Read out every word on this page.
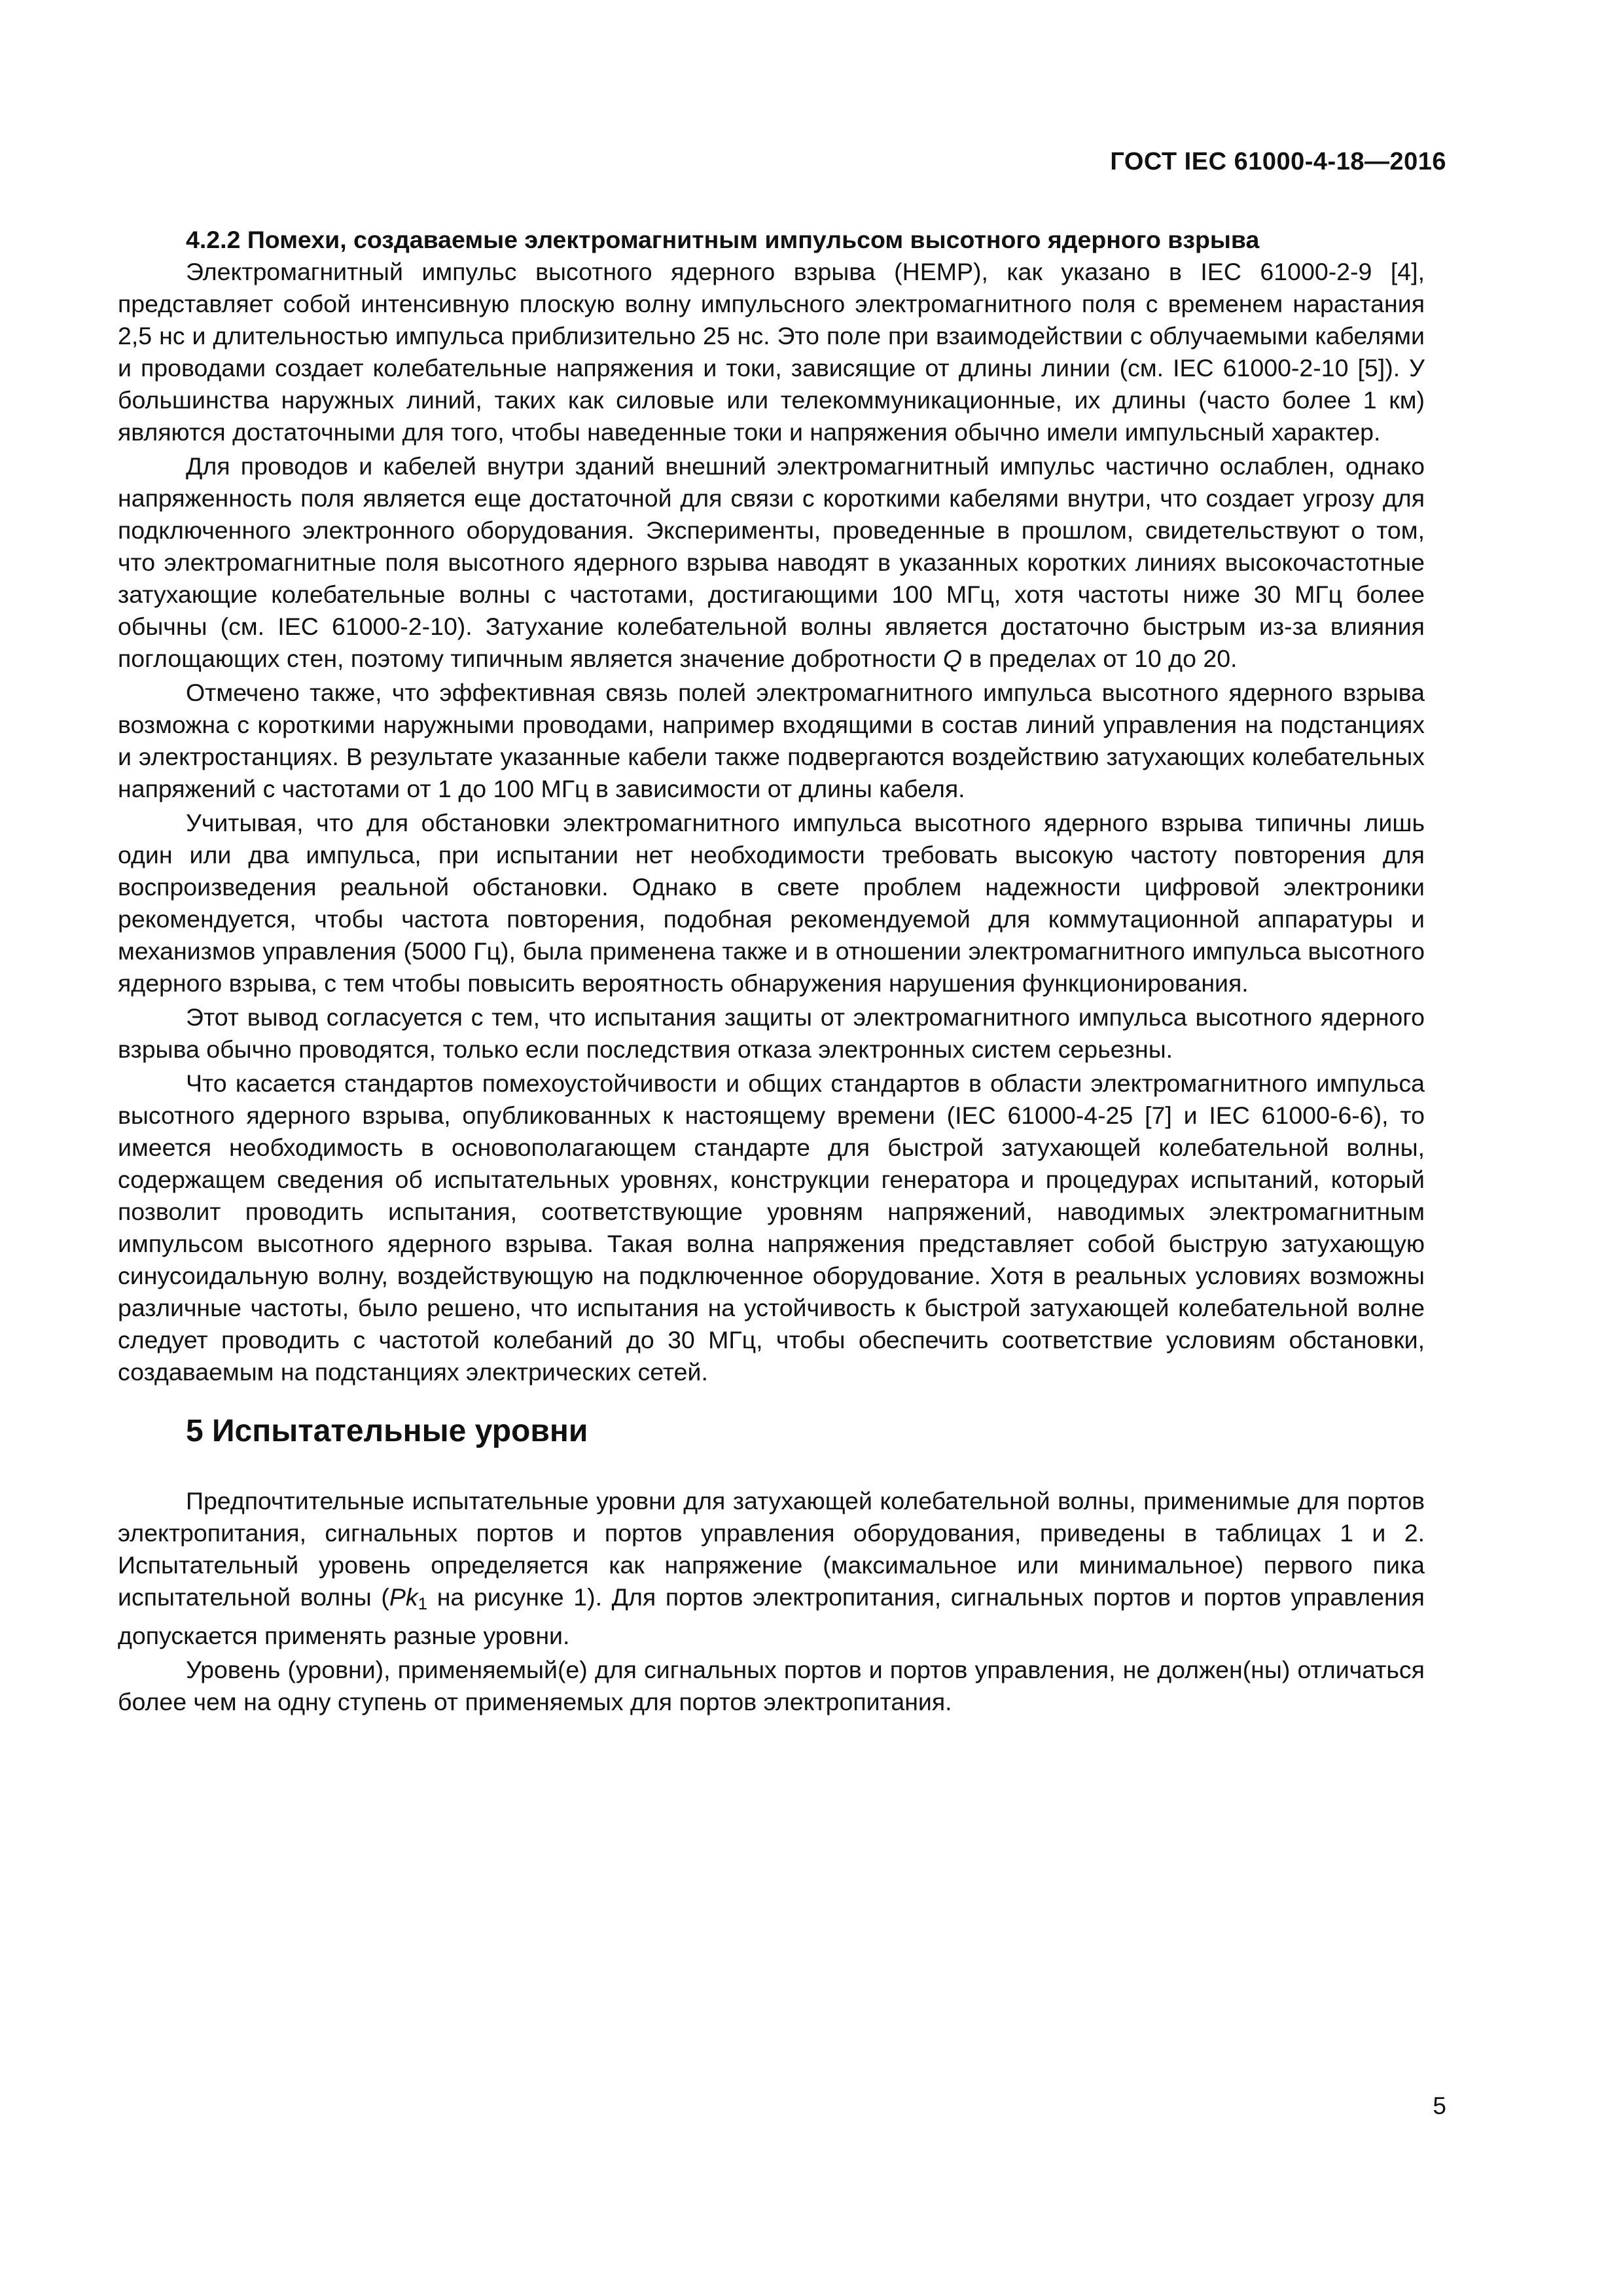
ГОСТ IEC 61000-4-18—2016

4.2.2 Помехи, создаваемые электромагнитным импульсом высотного ядерного взрыва

Электромагнитный импульс высотного ядерного взрыва (HEMP), как указано в IEC 61000-2-9 [4], представляет собой интенсивную плоскую волну импульсного электромагнитного поля с временем нарастания 2,5 нс и длительностью импульса приблизительно 25 нс. Это поле при взаимодействии с облучаемыми кабелями и проводами создает колебательные напряжения и токи, зависящие от длины линии (см. IEC 61000-2-10 [5]). У большинства наружных линий, таких как силовые или телекоммуникационные, их длины (часто более 1 км) являются достаточными для того, чтобы наведенные токи и напряжения обычно имели импульсный характер.

Для проводов и кабелей внутри зданий внешний электромагнитный импульс частично ослаблен, однако напряженность поля является еще достаточной для связи с короткими кабелями внутри, что создает угрозу для подключенного электронного оборудования. Эксперименты, проведенные в прошлом, свидетельствуют о том, что электромагнитные поля высотного ядерного взрыва наводят в указанных коротких линиях высокочастотные затухающие колебательные волны с частотами, достигающими 100 МГц, хотя частоты ниже 30 МГц более обычны (см. IEC 61000-2-10). Затухание колебательной волны является достаточно быстрым из-за влияния поглощающих стен, поэтому типичным является значение добротности Q в пределах от 10 до 20.

Отмечено также, что эффективная связь полей электромагнитного импульса высотного ядерного взрыва возможна с короткими наружными проводами, например входящими в состав линий управления на подстанциях и электростанциях. В результате указанные кабели также подвергаются воздействию затухающих колебательных напряжений с частотами от 1 до 100 МГц в зависимости от длины кабеля.

Учитывая, что для обстановки электромагнитного импульса высотного ядерного взрыва типичны лишь один или два импульса, при испытании нет необходимости требовать высокую частоту повторения для воспроизведения реальной обстановки. Однако в свете проблем надежности цифровой электроники рекомендуется, чтобы частота повторения, подобная рекомендуемой для коммутационной аппаратуры и механизмов управления (5000 Гц), была применена также и в отношении электромагнитного импульса высотного ядерного взрыва, с тем чтобы повысить вероятность обнаружения нарушения функционирования.

Этот вывод согласуется с тем, что испытания защиты от электромагнитного импульса высотного ядерного взрыва обычно проводятся, только если последствия отказа электронных систем серьезны.

Что касается стандартов помехоустойчивости и общих стандартов в области электромагнитного импульса высотного ядерного взрыва, опубликованных к настоящему времени (IEC 61000-4-25 [7] и IEC 61000-6-6), то имеется необходимость в основополагающем стандарте для быстрой затухающей колебательной волны, содержащем сведения об испытательных уровнях, конструкции генератора и процедурах испытаний, который позволит проводить испытания, соответствующие уровням напряжений, наводимых электромагнитным импульсом высотного ядерного взрыва. Такая волна напряжения представляет собой быструю затухающую синусоидальную волну, воздействующую на подключенное оборудование. Хотя в реальных условиях возможны различные частоты, было решено, что испытания на устойчивость к быстрой затухающей колебательной волне следует проводить с частотой колебаний до 30 МГц, чтобы обеспечить соответствие условиям обстановки, создаваемым на подстанциях электрических сетей.

5 Испытательные уровни

Предпочтительные испытательные уровни для затухающей колебательной волны, применимые для портов электропитания, сигнальных портов и портов управления оборудования, приведены в таблицах 1 и 2. Испытательный уровень определяется как напряжение (максимальное или минимальное) первого пика испытательной волны ($Pk_1$ на рисунке 1). Для портов электропитания, сигнальных портов и портов управления допускается применять разные уровни.

Уровень (уровни), применяемый(е) для сигнальных портов и портов управления, не должен(ны) отличаться более чем на одну ступень от применяемых для портов электропитания.

5
